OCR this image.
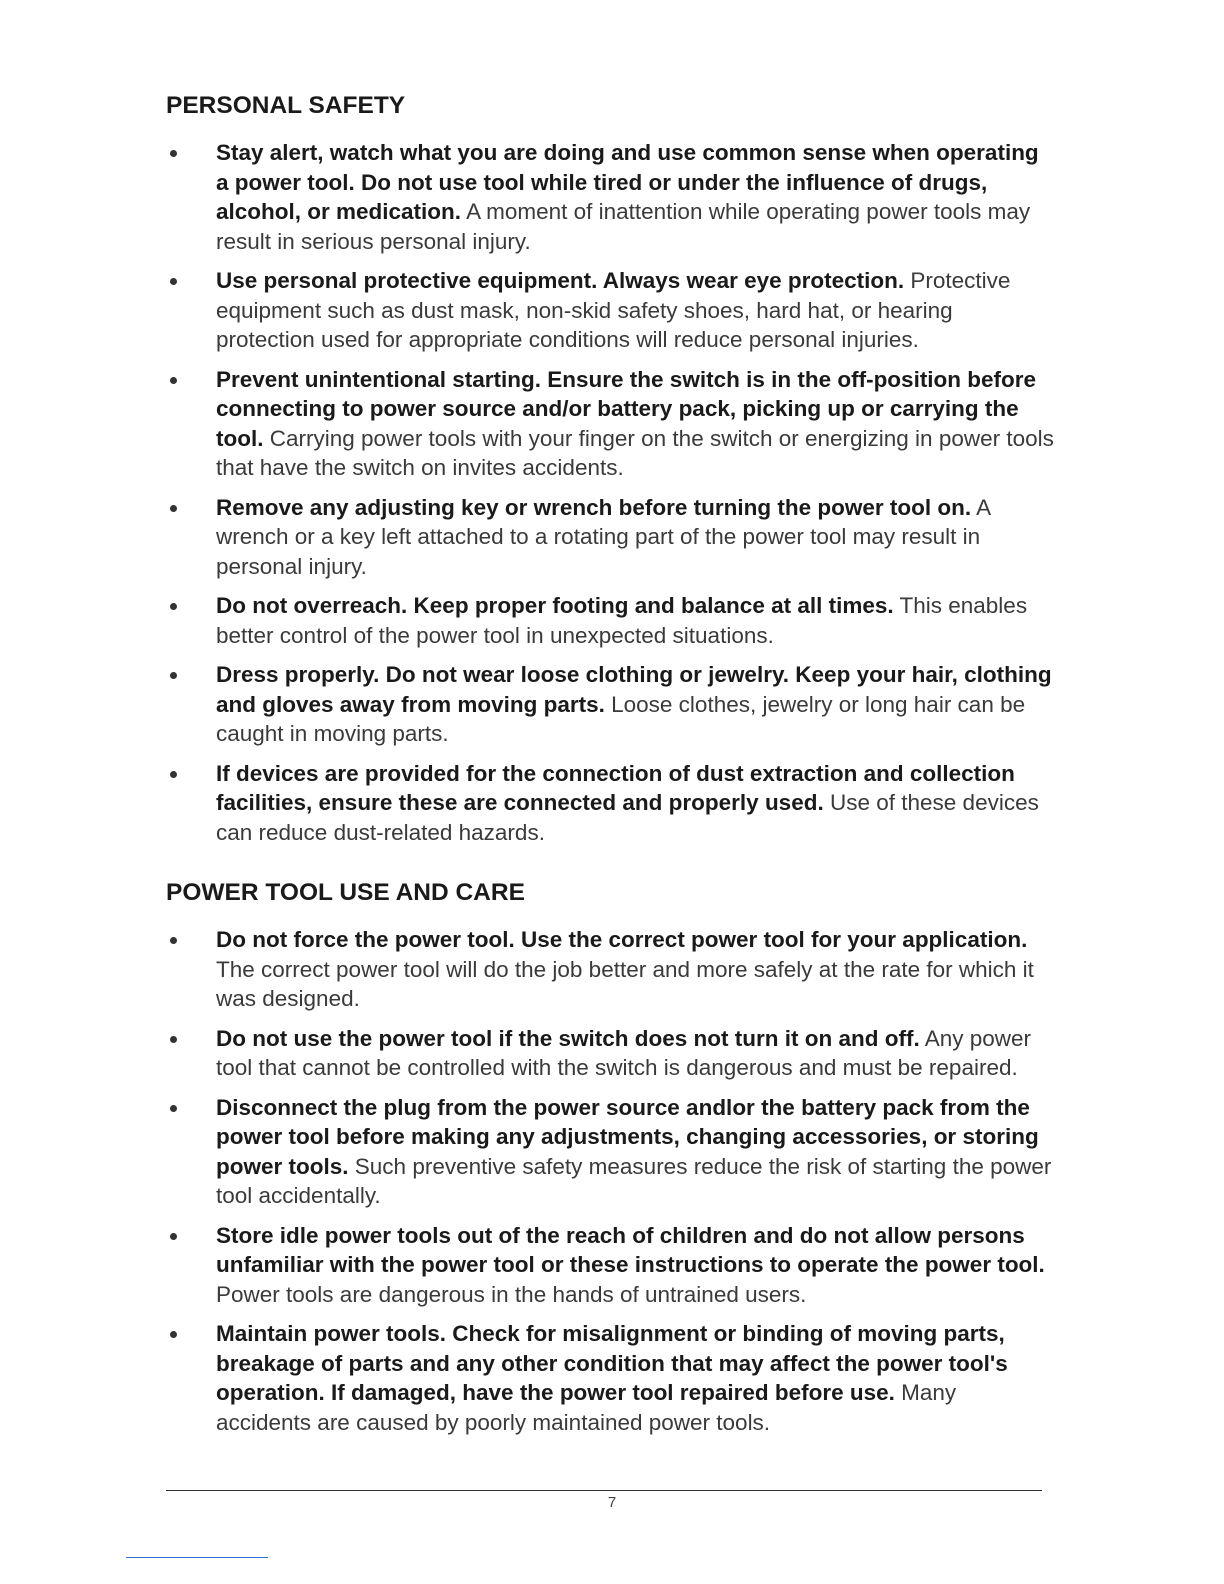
PERSONAL SAFETY
Stay alert, watch what you are doing and use common sense when operating a power tool. Do not use tool while tired or under the influence of drugs, alcohol, or medication. A moment of inattention while operating power tools may result in serious personal injury.
Use personal protective equipment. Always wear eye protection. Protective equipment such as dust mask, non-skid safety shoes, hard hat, or hearing protection used for appropriate conditions will reduce personal injuries.
Prevent unintentional starting. Ensure the switch is in the off-position before connecting to power source and/or battery pack, picking up or carrying the tool. Carrying power tools with your finger on the switch or energizing in power tools that have the switch on invites accidents.
Remove any adjusting key or wrench before turning the power tool on. A wrench or a key left attached to a rotating part of the power tool may result in personal injury.
Do not overreach. Keep proper footing and balance at all times. This enables better control of the power tool in unexpected situations.
Dress properly. Do not wear loose clothing or jewelry. Keep your hair, clothing and gloves away from moving parts. Loose clothes, jewelry or long hair can be caught in moving parts.
If devices are provided for the connection of dust extraction and collection facilities, ensure these are connected and properly used. Use of these devices can reduce dust-related hazards.
POWER TOOL USE AND CARE
Do not force the power tool. Use the correct power tool for your application. The correct power tool will do the job better and more safely at the rate for which it was designed.
Do not use the power tool if the switch does not turn it on and off. Any power tool that cannot be controlled with the switch is dangerous and must be repaired.
Disconnect the plug from the power source andlor the battery pack from the power tool before making any adjustments, changing accessories, or storing power tools. Such preventive safety measures reduce the risk of starting the power tool accidentally.
Store idle power tools out of the reach of children and do not allow persons unfamiliar with the power tool or these instructions to operate the power tool. Power tools are dangerous in the hands of untrained users.
Maintain power tools. Check for misalignment or binding of moving parts, breakage of parts and any other condition that may affect the power tool's operation. If damaged, have the power tool repaired before use. Many accidents are caused by poorly maintained power tools.
7
